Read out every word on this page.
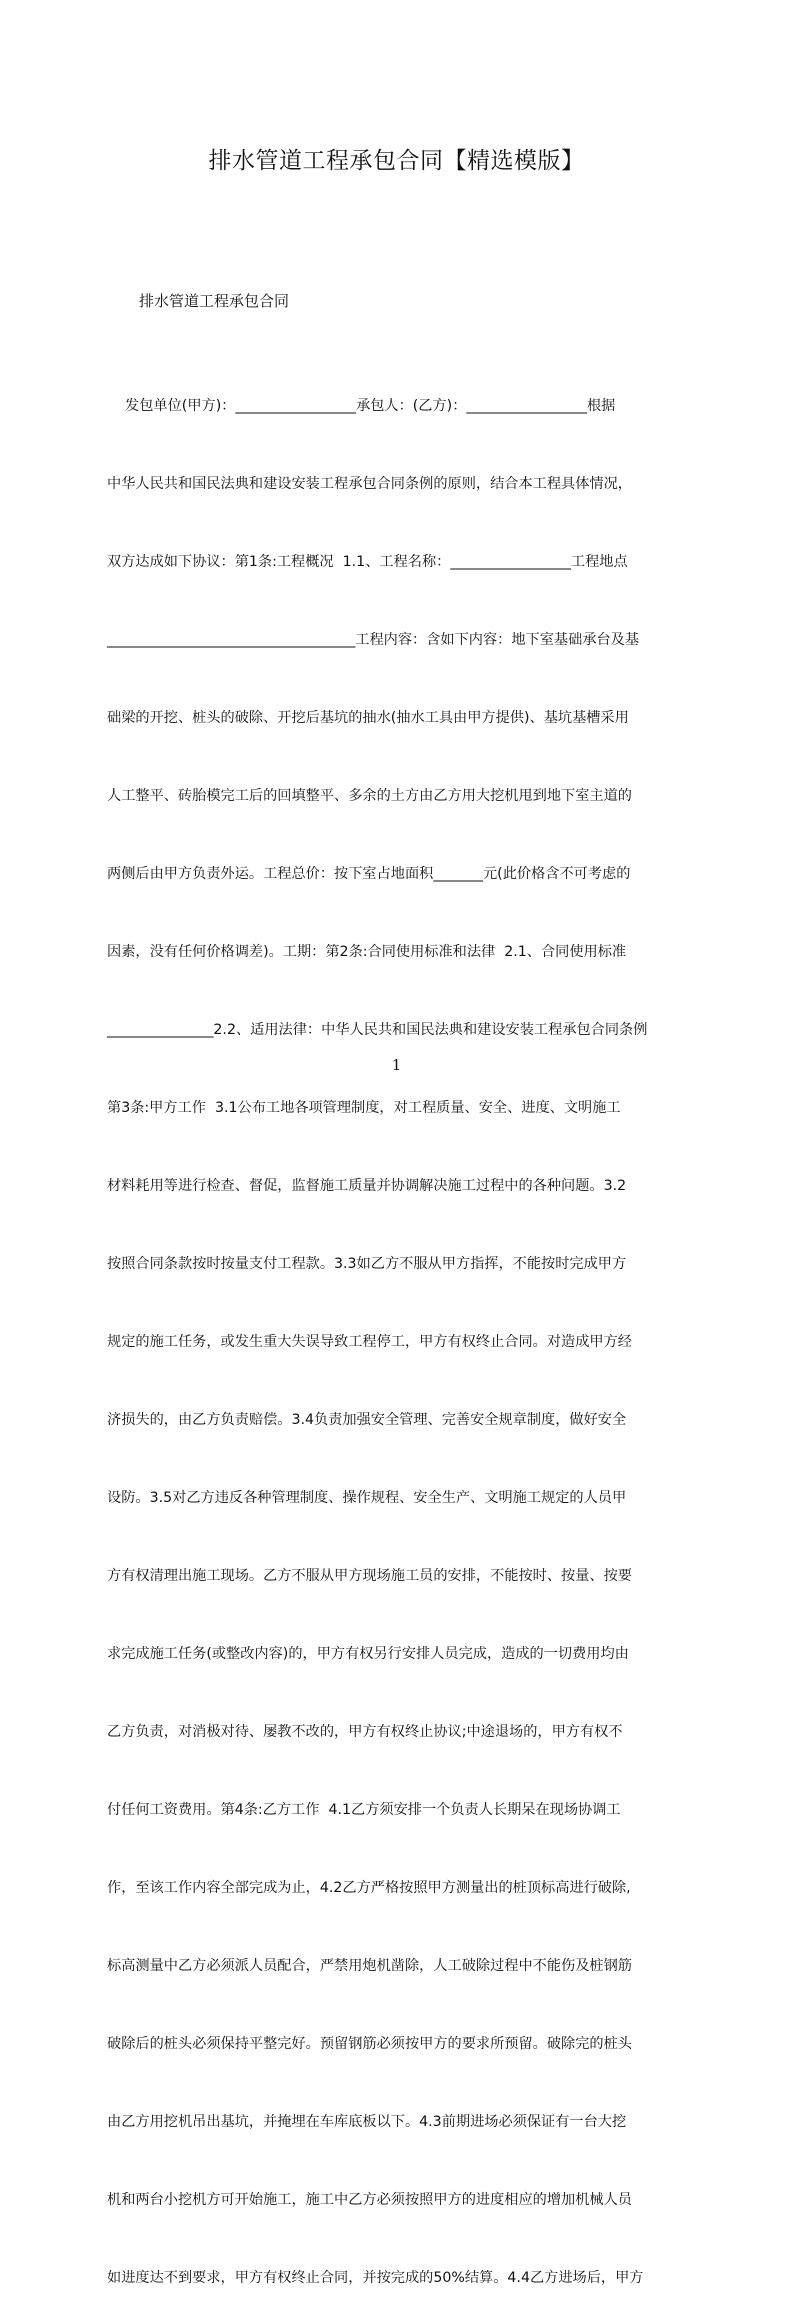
排水管道工程承包合同【精选模版】

排水管道工程承包合同

发包单位(甲方)：_________________承包人：(乙方)：_________________根据

中华人民共和国民法典和建设安装工程承包合同条例的原则，结合本工程具体情况，

双方达成如下协议：第1条:工程概况  1.1、工程名称：_________________工程地点

___________________________________工程内容：含如下内容：地下室基础承台及基

础梁的开挖、桩头的破除、开挖后基坑的抽水(抽水工具由甲方提供)、基坑基槽采用

人工整平、砖胎模完工后的回填整平、多余的土方由乙方用大挖机甩到地下室主道的

两侧后由甲方负责外运。工程总价：按下室占地面积_______元(此价格含不可考虑的

因素，没有任何价格调差)。工期：第2条:合同使用标准和法律  2.1、合同使用标准

_______________2.2、适用法律：中华人民共和国民法典和建设安装工程承包合同条例

第3条:甲方工作  3.1公布工地各项管理制度，对工程质量、安全、进度、文明施工

材料耗用等进行检查、督促，监督施工质量并协调解决施工过程中的各种问题。3.2

按照合同条款按时按量支付工程款。3.3如乙方不服从甲方指挥，不能按时完成甲方

规定的施工任务，或发生重大失误导致工程停工，甲方有权终止合同。对造成甲方经

济损失的，由乙方负责赔偿。3.4负责加强安全管理、完善安全规章制度，做好安全

设防。3.5对乙方违反各种管理制度、操作规程、安全生产、文明施工规定的人员甲

方有权清理出施工现场。乙方不服从甲方现场施工员的安排，不能按时、按量、按要

求完成施工任务(或整改内容)的，甲方有权另行安排人员完成，造成的一切费用均由

乙方负责，对消极对待、屡教不改的，甲方有权终止协议;中途退场的，甲方有权不

付任何工资费用。第4条:乙方工作  4.1乙方须安排一个负责人长期呆在现场协调工

作，至该工作内容全部完成为止，4.2乙方严格按照甲方测量出的桩顶标高进行破除,

标高测量中乙方必须派人员配合，严禁用炮机凿除，人工破除过程中不能伤及桩钢筋

破除后的桩头必须保持平整完好。预留钢筋必须按甲方的要求所预留。破除完的桩头

由乙方用挖机吊出基坑，并掩埋在车库底板以下。4.3前期进场必须保证有一台大挖

机和两台小挖机方可开始施工，施工中乙方必须按照甲方的进度相应的增加机械人员

如进度达不到要求，甲方有权终止合同，并按完成的50%结算。4.4乙方进场后，甲方

1
